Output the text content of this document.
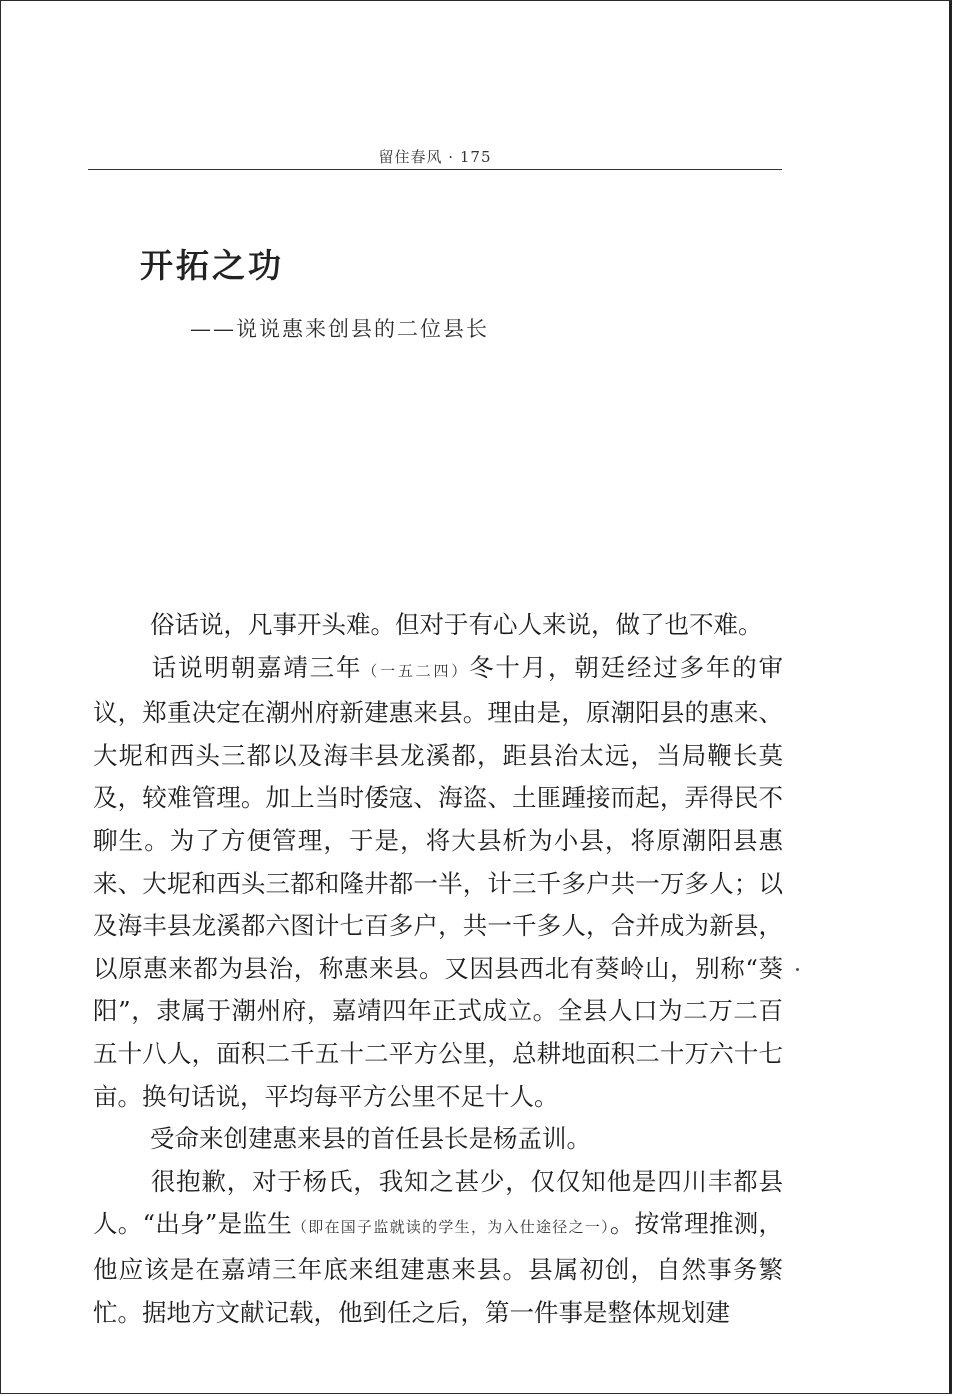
留住春风 · 175
开拓之功
——说说惠来创县的二位县长

俗话说，凡事开头难。但对于有心人来说，做了也不难。

话说明朝嘉靖三年（一五二四）冬十月，朝廷经过多年的审议，郑重决定在潮州府新建惠来县。理由是，原潮阳县的惠来、大坭和西头三都以及海丰县龙溪都，距县治太远，当局鞭长莫及，较难管理。加上当时倭寇、海盗、土匪踵接而起，弄得民不聊生。为了方便管理，于是，将大县析为小县，将原潮阳县惠来、大坭和西头三都和隆井都一半，计三千多户共一万多人；以及海丰县龙溪都六图计七百多户，共一千多人，合并成为新县，以原惠来都为县治，称惠来县。又因县西北有葵岭山，别称“葵阳”，隶属于潮州府，嘉靖四年正式成立。全县人口为二万二百五十八人，面积二千五十二平方公里，总耕地面积二十万六十七亩。换句话说，平均每平方公里不足十人。

受命来创建惠来县的首任县长是杨孟训。

很抱歉，对于杨氏，我知之甚少，仅仅知他是四川丰都县人。“出身”是监生（即在国子监就读的学生，为入仕途径之一）。按常理推测，他应该是在嘉靖三年底来组建惠来县。县属初创，自然事务繁忙。据地方文献记载，他到任之后，第一件事是整体规划建
